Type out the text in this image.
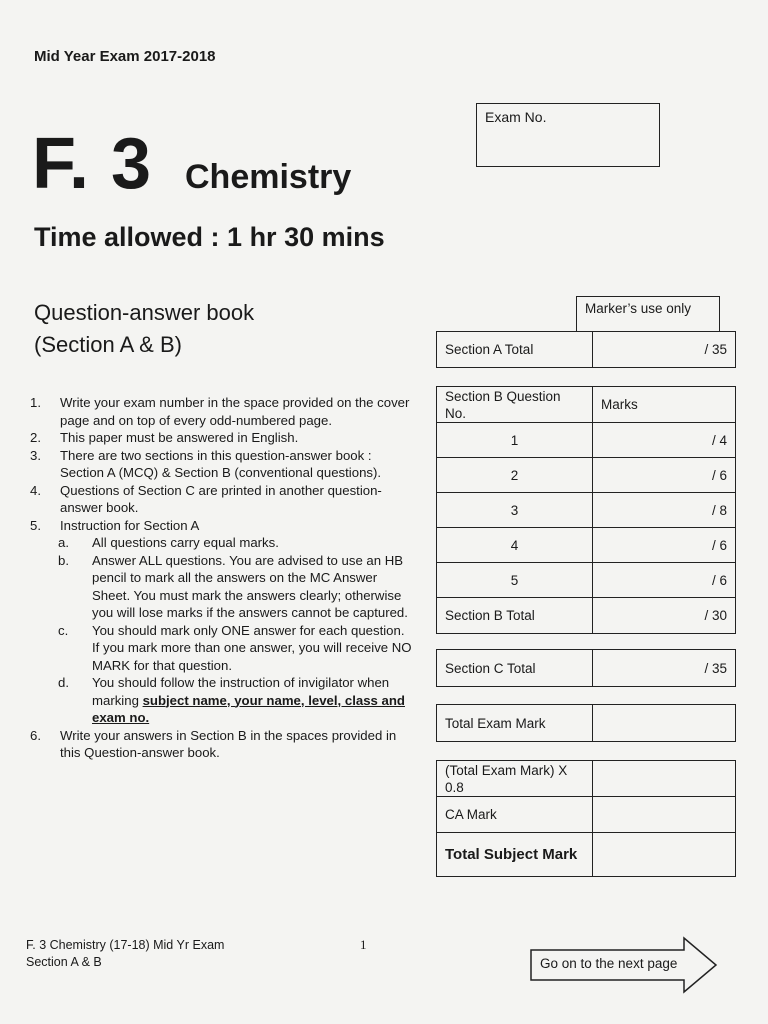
Mid Year Exam 2017-2018
Exam No.
F. 3 Chemistry
Time allowed : 1 hr 30 mins
Question-answer book
(Section A & B)
1.	Write your exam number in the space provided on the cover page and on top of every odd-numbered page.
2.	This paper must be answered in English.
3.	There are two sections in this question-answer book : Section A (MCQ) & Section B (conventional questions).
4.	Questions of Section C are printed in another question-answer book.
5.	Instruction for Section A
a.	All questions carry equal marks.
b.	Answer ALL questions. You are advised to use an HB pencil to mark all the answers on the MC Answer Sheet. You must mark the answers clearly; otherwise you will lose marks if the answers cannot be captured.
c.	You should mark only ONE answer for each question. If you mark more than one answer, you will receive NO MARK for that question.
d.	You should follow the instruction of invigilator when marking subject name, your name, level, class and exam no.
6.	Write your answers in Section B in the spaces provided in this Question-answer book.
Marker’s use only
Section A Total	/ 35
Section B Question No.	Marks
1	/ 4
2	/ 6
3	/ 8
4	/ 6
5	/ 6
Section B Total	/ 30
Section C Total	/ 35
Total Exam Mark	
(Total Exam Mark) X 0.8	
CA Mark	
Total Subject Mark	
F. 3 Chemistry (17-18) Mid Yr Exam
Section A & B
1
Go on to the next page
